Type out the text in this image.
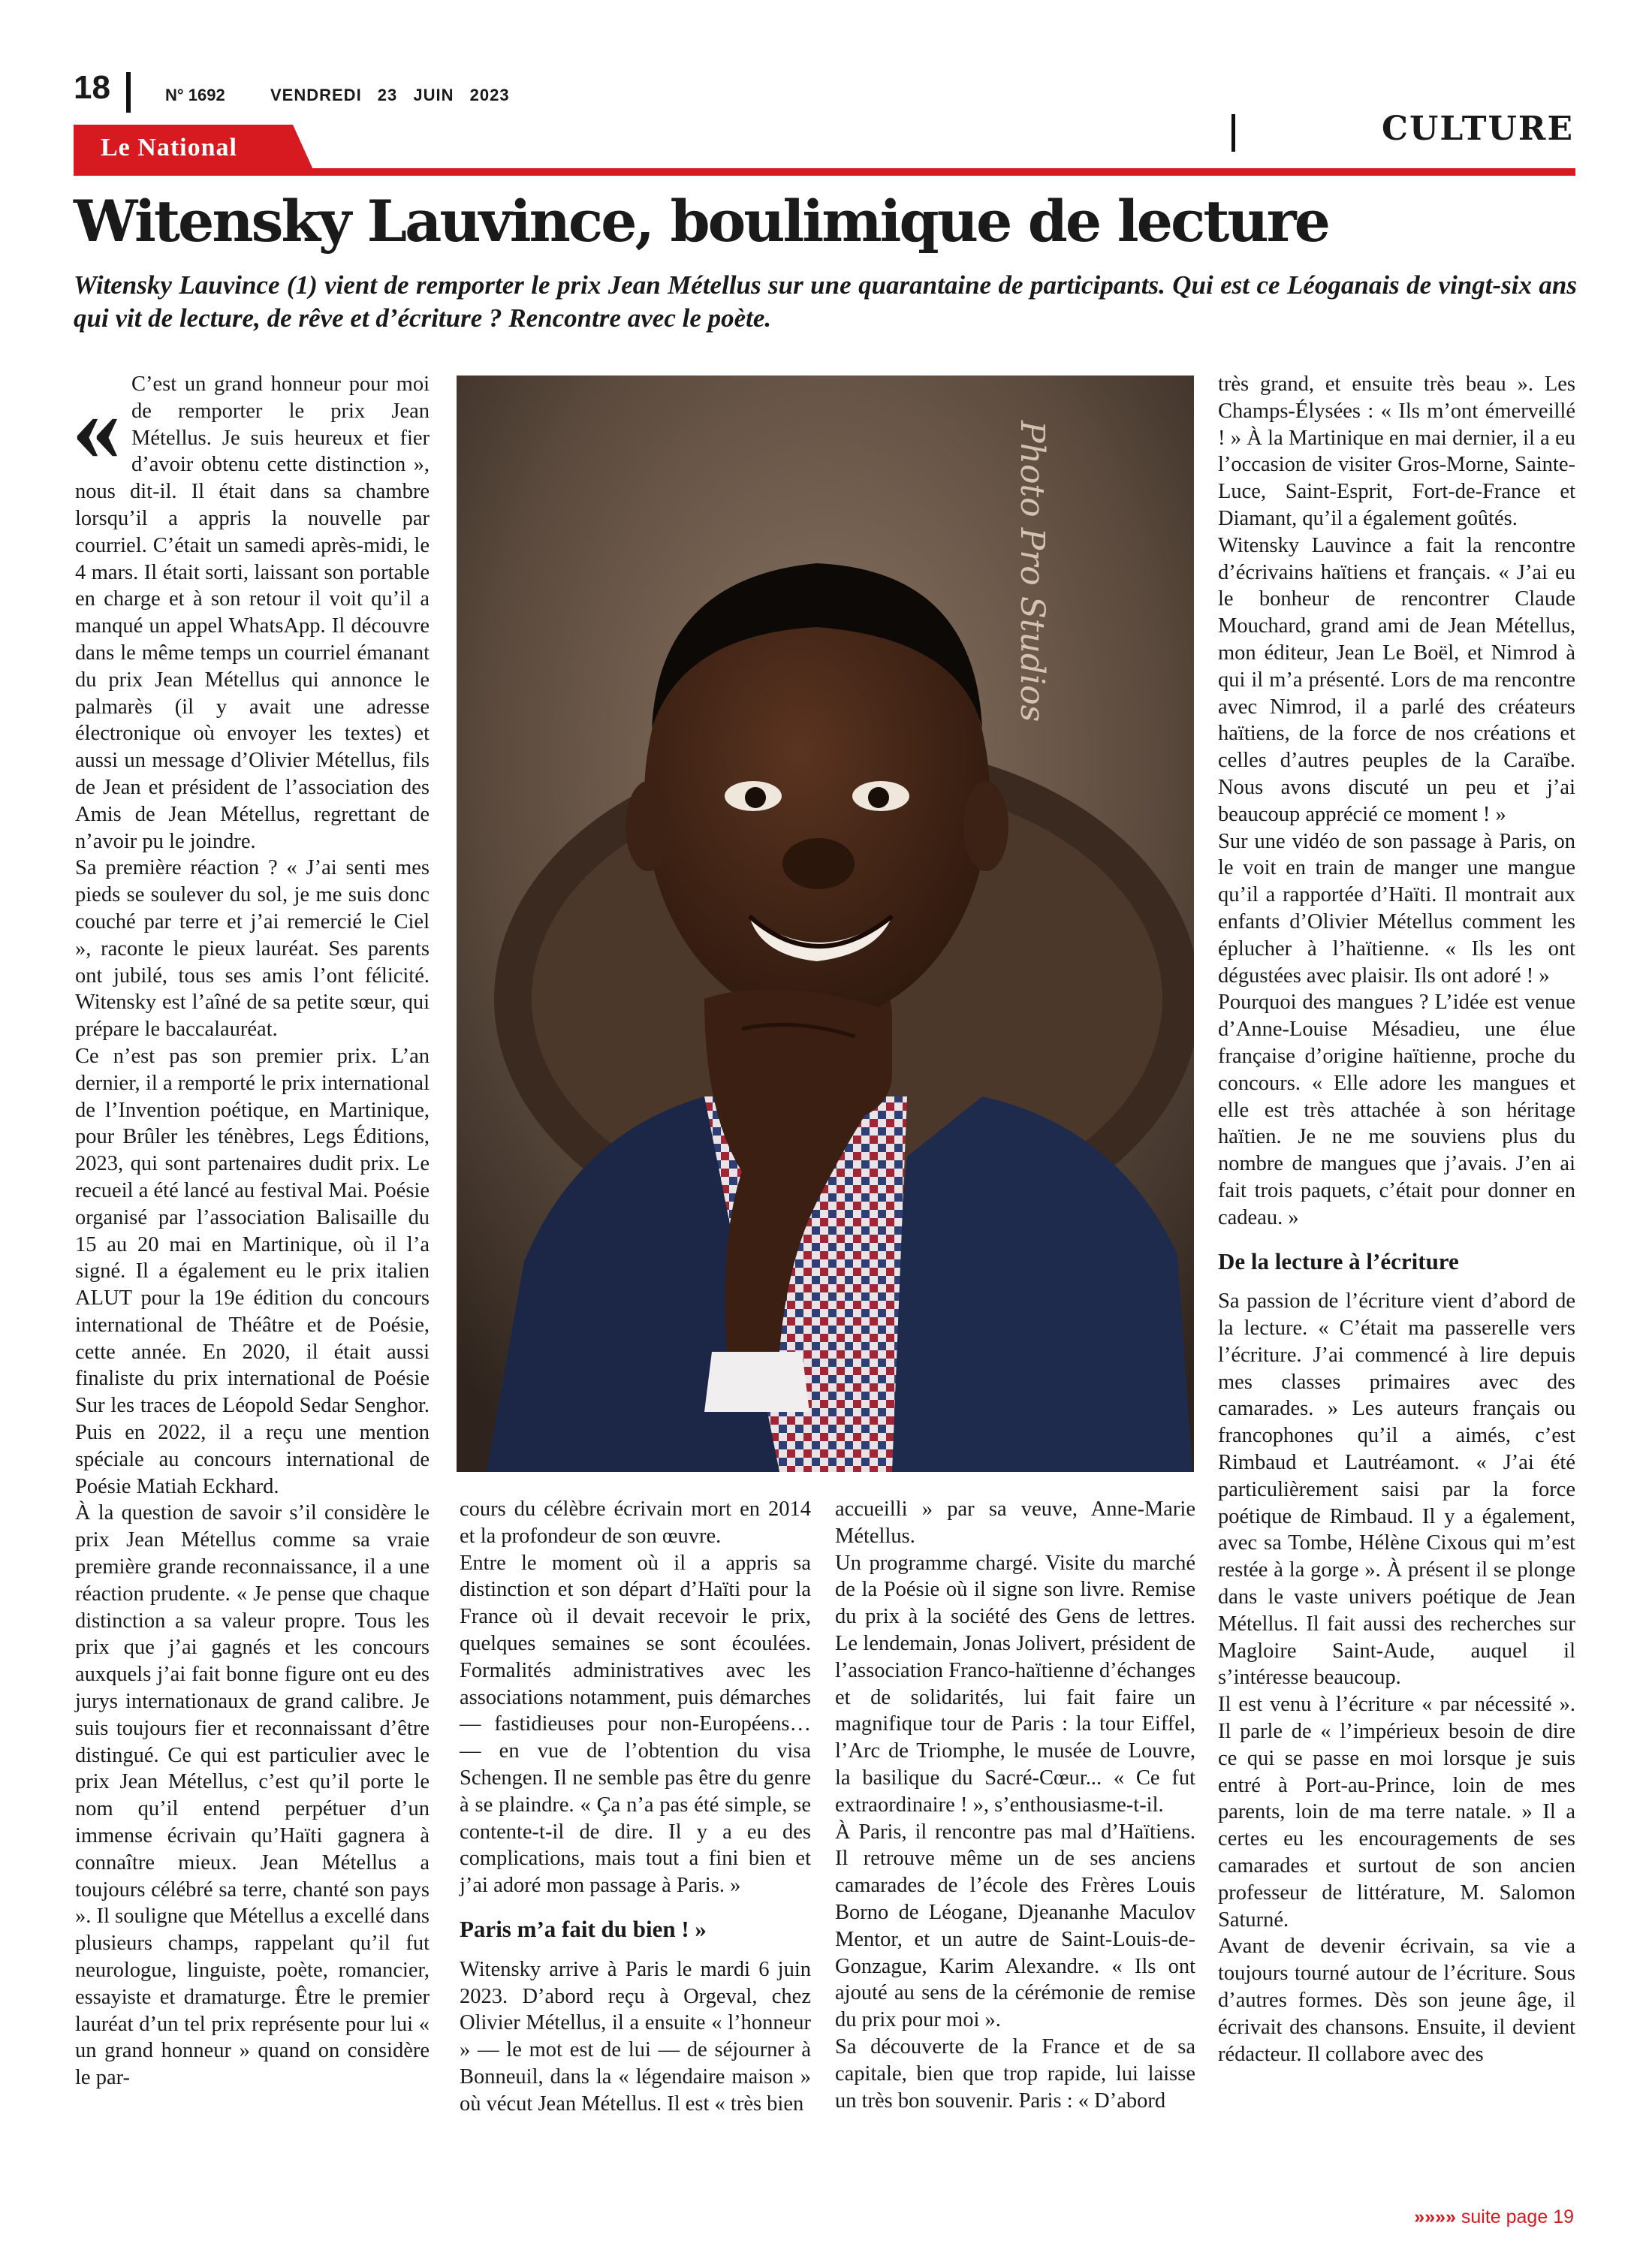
18	N° 1692	VENDREDI 23 JUIN 2023
Le National	CULTURE
Witensky Lauvince, boulimique de lecture
Witensky Lauvince (1) vient de remporter le prix Jean Métellus sur une quarantaine de participants. Qui est ce Léoganais de vingt-six ans qui vit de lecture, de rêve et d’écriture ? Rencontre avec le poète.
« C’est un grand honneur pour moi de remporter le prix Jean Métellus. Je suis heureux et fier d’avoir obtenu cette distinction », nous dit-il. Il était dans sa chambre lorsqu’il a appris la nouvelle par courriel. C’était un samedi après-midi, le 4 mars. Il était sorti, laissant son portable en charge et à son retour il voit qu’il a manqué un appel WhatsApp. Il découvre dans le même temps un courriel émanant du prix Jean Métellus qui annonce le palmarès (il y avait une adresse électronique où envoyer les textes) et aussi un message d’Olivier Métellus, fils de Jean et président de l’association des Amis de Jean Métellus, regrettant de n’avoir pu le joindre.

Sa première réaction ? « J’ai senti mes pieds se soulever du sol, je me suis donc couché par terre et j’ai remercié le Ciel », raconte le pieux lauréat. Ses parents ont jubilé, tous ses amis l’ont félicité. Witensky est l’aîné de sa petite sœur, qui prépare le baccalauréat.

Ce n’est pas son premier prix. L’an dernier, il a remporté le prix international de l’Invention poétique, en Martinique, pour Brûler les ténèbres, Legs Éditions, 2023, qui sont partenaires dudit prix. Le recueil a été lancé au festival Mai. Poésie organisé par l’association Balisaille du 15 au 20 mai en Martinique, où il l’a signé. Il a également eu le prix italien ALUT pour la 19e édition du concours international de Théâtre et de Poésie, cette année. En 2020, il était aussi finaliste du prix international de Poésie Sur les traces de Léopold Sedar Senghor. Puis en 2022, il a reçu une mention spéciale au concours international de Poésie Matiah Eckhard.

À la question de savoir s’il considère le prix Jean Métellus comme sa vraie première grande reconnaissance, il a une réaction prudente. « Je pense que chaque distinction a sa valeur propre. Tous les prix que j’ai gagnés et les concours auxquels j’ai fait bonne figure ont eu des jurys internationaux de grand calibre. Je suis toujours fier et reconnaissant d’être distingué. Ce qui est particulier avec le prix Jean Métellus, c’est qu’il porte le nom qu’il entend perpétuer d’un immense écrivain qu’Haïti gagnera à connaître mieux. Jean Métellus a toujours célébré sa terre, chanté son pays ». Il souligne que Métellus a excellé dans plusieurs champs, rappelant qu’il fut neurologue, linguiste, poète, romancier, essayiste et dramaturge. Être le premier lauréat d’un tel prix représente pour lui « un grand honneur » quand on considère le par-

Photo Pro Studios

cours du célèbre écrivain mort en 2014 et la profondeur de son œuvre.

Entre le moment où il a appris sa distinction et son départ d’Haïti pour la France où il devait recevoir le prix, quelques semaines se sont écoulées. Formalités administratives avec les associations notamment, puis démarches — fastidieuses pour non-Européens… — en vue de l’obtention du visa Schengen. Il ne semble pas être du genre à se plaindre. « Ça n’a pas été simple, se contente-t-il de dire. Il y a eu des complications, mais tout a fini bien et j’ai adoré mon passage à Paris. »

Paris m’a fait du bien ! »

Witensky arrive à Paris le mardi 6 juin 2023. D’abord reçu à Orgeval, chez Olivier Métellus, il a ensuite « l’honneur » — le mot est de lui — de séjourner à Bonneuil, dans la « légendaire maison » où vécut Jean Métellus. Il est « très bien

accueilli » par sa veuve, Anne-Marie Métellus.

Un programme chargé. Visite du marché de la Poésie où il signe son livre. Remise du prix à la société des Gens de lettres. Le lendemain, Jonas Jolivert, président de l’association Franco-haïtienne d’échanges et de solidarités, lui fait faire un magnifique tour de Paris : la tour Eiffel, l’Arc de Triomphe, le musée de Louvre, la basilique du Sacré-Cœur... « Ce fut extraordinaire ! », s’enthousiasme-t-il.

À Paris, il rencontre pas mal d’Haïtiens. Il retrouve même un de ses anciens camarades de l’école des Frères Louis Borno de Léogane, Djeananhe Maculov Mentor, et un autre de Saint-Louis-de-Gonzague, Karim Alexandre. « Ils ont ajouté au sens de la cérémonie de remise du prix pour moi ».

Sa découverte de la France et de sa capitale, bien que trop rapide, lui laisse un très bon souvenir. Paris : « D’abord

très grand, et ensuite très beau ». Les Champs-Élysées : « Ils m’ont émerveillé ! » À la Martinique en mai dernier, il a eu l’occasion de visiter Gros-Morne, Sainte-Luce, Saint-Esprit, Fort-de-France et Diamant, qu’il a également goûtés.

Witensky Lauvince a fait la rencontre d’écrivains haïtiens et français. « J’ai eu le bonheur de rencontrer Claude Mouchard, grand ami de Jean Métellus, mon éditeur, Jean Le Boël, et Nimrod à qui il m’a présenté. Lors de ma rencontre avec Nimrod, il a parlé des créateurs haïtiens, de la force de nos créations et celles d’autres peuples de la Caraïbe. Nous avons discuté un peu et j’ai beaucoup apprécié ce moment ! »

Sur une vidéo de son passage à Paris, on le voit en train de manger une mangue qu’il a rapportée d’Haïti. Il montrait aux enfants d’Olivier Métellus comment les éplucher à l’haïtienne. « Ils les ont dégustées avec plaisir. Ils ont adoré ! »

Pourquoi des mangues ? L’idée est venue d’Anne-Louise Mésadieu, une élue française d’origine haïtienne, proche du concours. « Elle adore les mangues et elle est très attachée à son héritage haïtien. Je ne me souviens plus du nombre de mangues que j’avais. J’en ai fait trois paquets, c’était pour donner en cadeau. »

De la lecture à l’écriture

Sa passion de l’écriture vient d’abord de la lecture. « C’était ma passerelle vers l’écriture. J’ai commencé à lire depuis mes classes primaires avec des camarades. » Les auteurs français ou francophones qu’il a aimés, c’est Rimbaud et Lautréamont. « J’ai été particulièrement saisi par la force poétique de Rimbaud. Il y a également, avec sa Tombe, Hélène Cixous qui m’est restée à la gorge ». À présent il se plonge dans le vaste univers poétique de Jean Métellus. Il fait aussi des recherches sur Magloire Saint-Aude, auquel il s’intéresse beaucoup.

Il est venu à l’écriture « par nécessité ». Il parle de « l’impérieux besoin de dire ce qui se passe en moi lorsque je suis entré à Port-au-Prince, loin de mes parents, loin de ma terre natale. » Il a certes eu les encouragements de ses camarades et surtout de son ancien professeur de littérature, M. Salomon Saturné.

Avant de devenir écrivain, sa vie a toujours tourné autour de l’écriture. Sous d’autres formes. Dès son jeune âge, il écrivait des chansons. Ensuite, il devient rédacteur. Il collabore avec des

»»»» suite page 19
